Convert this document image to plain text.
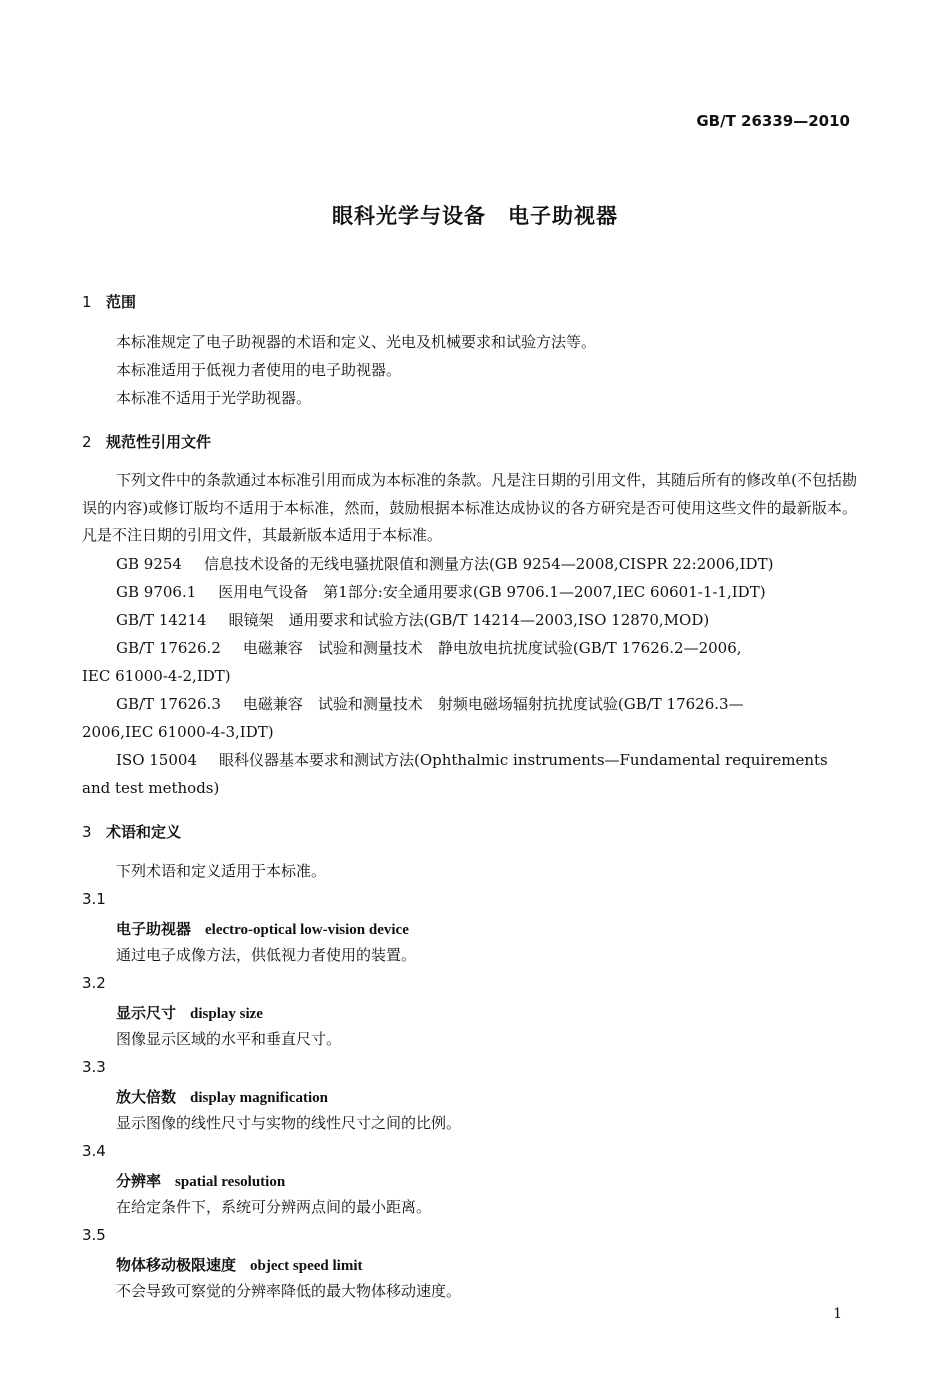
GB/T 26339—2010
眼科光学与设备　电子助视器
1 范围
本标准规定了电子助视器的术语和定义、光电及机械要求和试验方法等。
本标准适用于低视力者使用的电子助视器。
本标准不适用于光学助视器。
2 规范性引用文件
下列文件中的条款通过本标准引用而成为本标准的条款。凡是注日期的引用文件，其随后所有的修改单(不包括勘误的内容)或修订版均不适用于本标准，然而，鼓励根据本标准达成协议的各方研究是否可使用这些文件的最新版本。凡是不注日期的引用文件，其最新版本适用于本标准。
GB 9254 信息技术设备的无线电骚扰限值和测量方法(GB 9254—2008,CISPR 22:2006,IDT)
GB 9706.1 医用电气设备　第1部分:安全通用要求(GB 9706.1—2007,IEC 60601-1-1,IDT)
GB/T 14214 眼镜架　通用要求和试验方法(GB/T 14214—2003,ISO 12870,MOD)
GB/T 17626.2 电磁兼容　试验和测量技术　静电放电抗扰度试验(GB/T 17626.2—2006,
IEC 61000-4-2,IDT)
GB/T 17626.3 电磁兼容　试验和测量技术　射频电磁场辐射抗扰度试验(GB/T 17626.3—
2006,IEC 61000-4-3,IDT)
ISO 15004 眼科仪器基本要求和测试方法(Ophthalmic instruments—Fundamental requirements
and test methods)
3 术语和定义
下列术语和定义适用于本标准。
3.1
电子助视器 electro-optical low-vision device
通过电子成像方法，供低视力者使用的装置。
3.2
显示尺寸 display size
图像显示区域的水平和垂直尺寸。
3.3
放大倍数 display magnification
显示图像的线性尺寸与实物的线性尺寸之间的比例。
3.4
分辨率 spatial resolution
在给定条件下，系统可分辨两点间的最小距离。
3.5
物体移动极限速度 object speed limit
不会导致可察觉的分辨率降低的最大物体移动速度。
1
